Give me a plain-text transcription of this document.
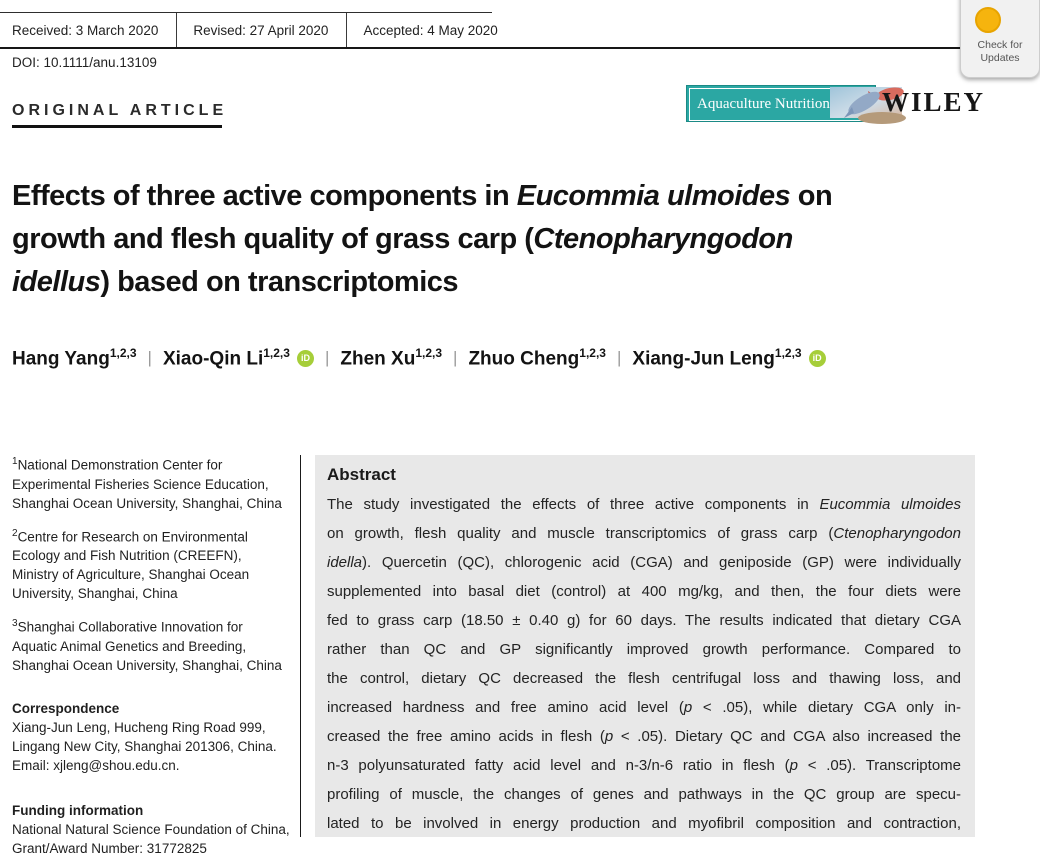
Received: 3 March 2020	Revised: 27 April 2020	Accepted: 4 May 2020
DOI: 10.1111/anu.13109
Check for
Updates
ORIGINAL ARTICLE	Aquaculture Nutrition WILEY
Effects of three active components in Eucommia ulmoides on
growth and flesh quality of grass carp (Ctenopharyngodon
idellus) based on transcriptomics
Hang Yang$^{1,2,3}$ | Xiao-Qin Li$^{1,2,3}$	iD | Zhen Xu$^{1,2,3}$ | Zhuo Cheng$^{1,2,3}$ | Xiang-Jun Leng$^{1,2,3}$	iD

$^1$National Demonstration Center for Experimental Fisheries Science Education, Shanghai Ocean University, Shanghai, China

$^2$Centre for Research on Environmental Ecology and Fish Nutrition (CREEFN), Ministry of Agriculture, Shanghai Ocean University, Shanghai, China

$^3$Shanghai Collaborative Innovation for Aquatic Animal Genetics and Breeding, Shanghai Ocean University, Shanghai, China

Correspondence

Xiang-Jun Leng, Hucheng Ring Road 999, Lingang New City, Shanghai 201306, China.

Email: xjleng@shou.edu.cn.

Funding information

National Natural Science Foundation of China, Grant/Award Number: 31772825

Abstract

The study investigated the effects of three active components in Eucommia ulmoides
on growth, flesh quality and muscle transcriptomics of grass carp (Ctenopharyngodon
idella). Quercetin (QC), chlorogenic acid (CGA) and geniposide (GP) were individually
supplemented into basal diet (control) at 400 mg/kg, and then, the four diets were
fed to grass carp (18.50 ± 0.40 g) for 60 days. The results indicated that dietary CGA
rather than QC and GP significantly improved growth performance. Compared to
the control, dietary QC decreased the flesh centrifugal loss and thawing loss, and
increased hardness and free amino acid level (p < .05), while dietary CGA only in-
creased the free amino acids in flesh (p < .05). Dietary QC and CGA also increased the
n-3 polyunsaturated fatty acid level and n-3/n-6 ratio in flesh (p < .05). Transcriptome
profiling of muscle, the changes of genes and pathways in the QC group are specu-
lated to be involved in energy production and myofibril composition and contraction,
